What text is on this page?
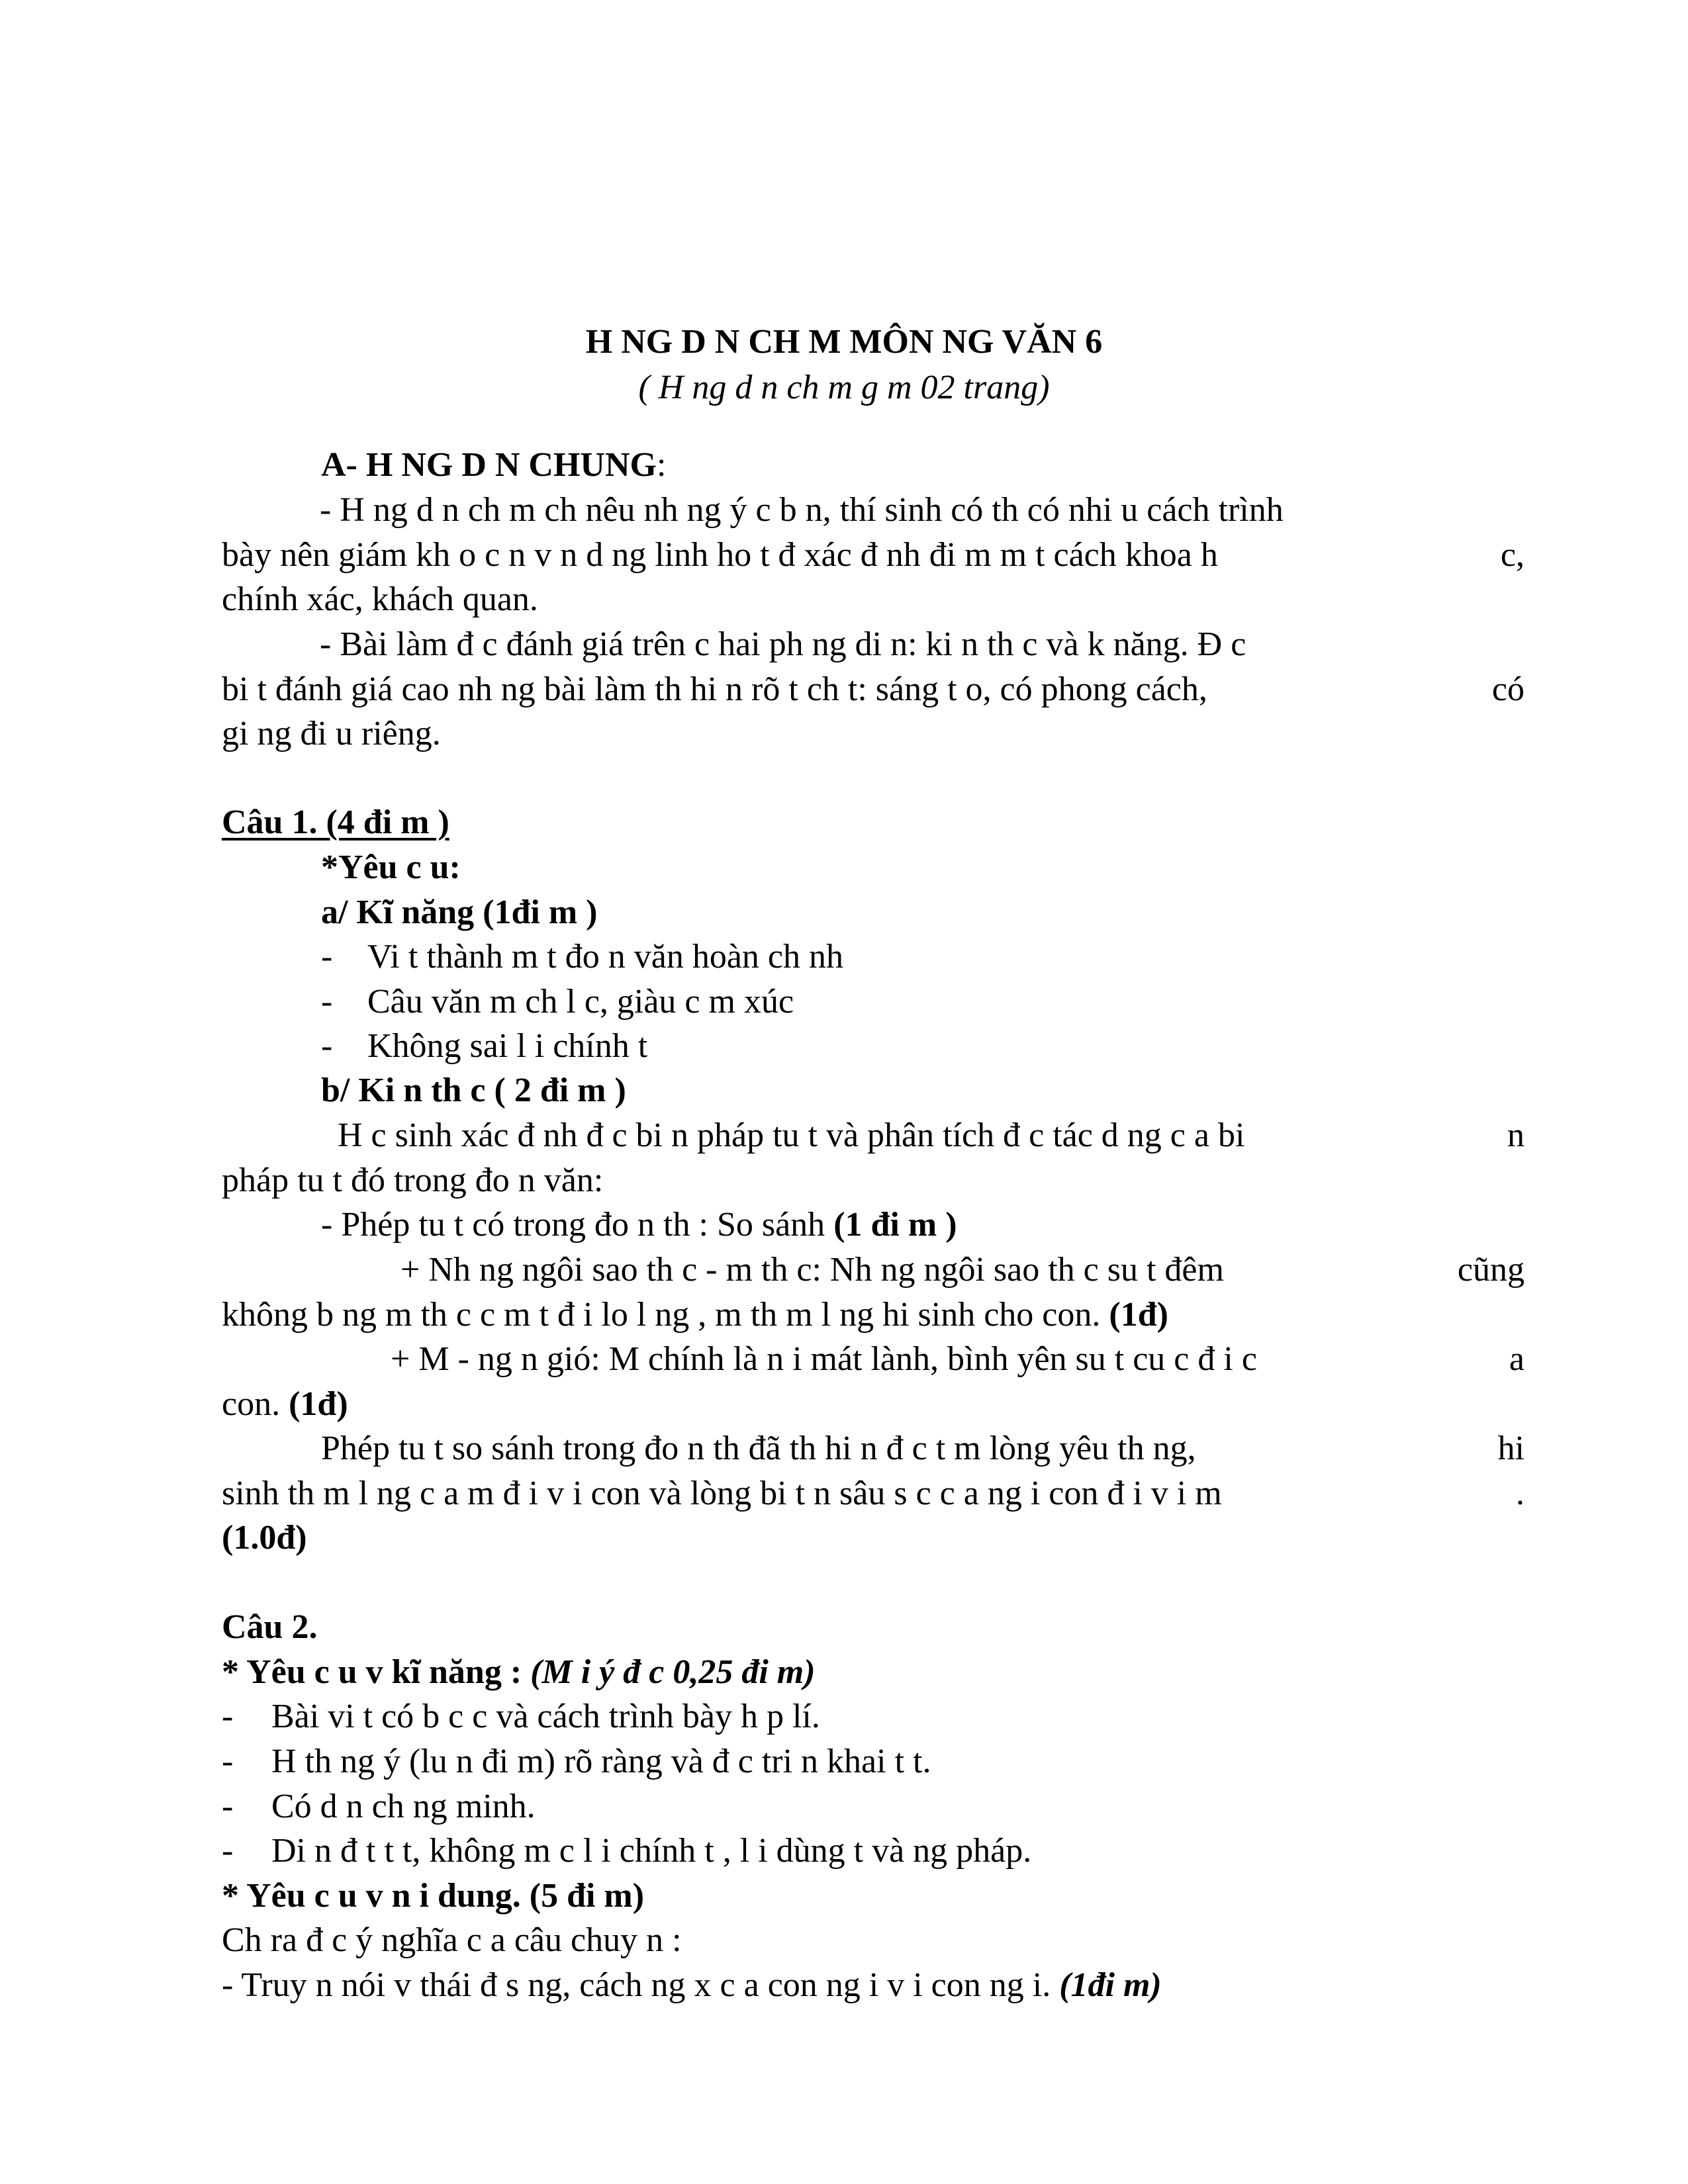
H NG D N CH M MÔN NG VĂN 6
( H ng d n ch m g m 02 trang)
A- H NG D N CHUNG:
- H ng d n ch m ch nêu nh ng ý c b n, thí sinh có th có nhi u cách trình
bày nên giám kh o c n v n d ng linh ho t đ xác đ nh đi m m t cách khoa h	c,
chính xác, khách quan.
- Bài làm đ c đánh giá trên c hai ph ng di n: ki n th c và k năng. Đ c
bi t đánh giá cao nh ng bài làm th hi n rõ t ch t: sáng t o, có phong cách,	có
gi ng đi u riêng.
Câu 1. (4 đi m )
*Yêu c u:
a/ Kĩ năng (1đi m )
- Vi t thành m t đo n văn hoàn ch nh
- Câu văn m ch l c, giàu c m xúc
- Không sai l i chính t
b/ Ki n th c ( 2 đi m )
H c sinh xác đ nh đ c bi n pháp tu t và phân tích đ c tác d ng c a bi	n
pháp tu t đó trong đo n văn:
- Phép tu t có trong đo n th : So sánh (1 đi m )
+ Nh ng ngôi sao th c - m th c: Nh ng ngôi sao th c su t đêm	cũng
không b ng m th c c m t đ i lo l ng , m th m l ng hi sinh cho con. (1đ)
+ M - ng n gió: M chính là n i mát lành, bình yên su t cu c đ i c	a
con. (1đ)
Phép tu t so sánh trong đo n th đã th hi n đ c t m lòng yêu th ng,	hi
sinh th m l ng c a m đ i v i con và lòng bi t n sâu s c c a ng i con đ i v i m	.
(1.0đ)
Câu 2.
* Yêu c u v kĩ năng : (M i ý đ c 0,25 đi m)
- Bài vi t có b c c và cách trình bày h p lí.
- H th ng ý (lu n đi m) rõ ràng và đ c tri n khai t t.
- Có d n ch ng minh.
- Di n đ t t t, không m c l i chính t , l i dùng t và ng pháp.
* Yêu c u v n i dung. (5 đi m)
Ch ra đ c ý nghĩa c a câu chuy n :
- Truy n nói v thái đ s ng, cách ng x c a con ng i v i con ng i. (1đi m)
